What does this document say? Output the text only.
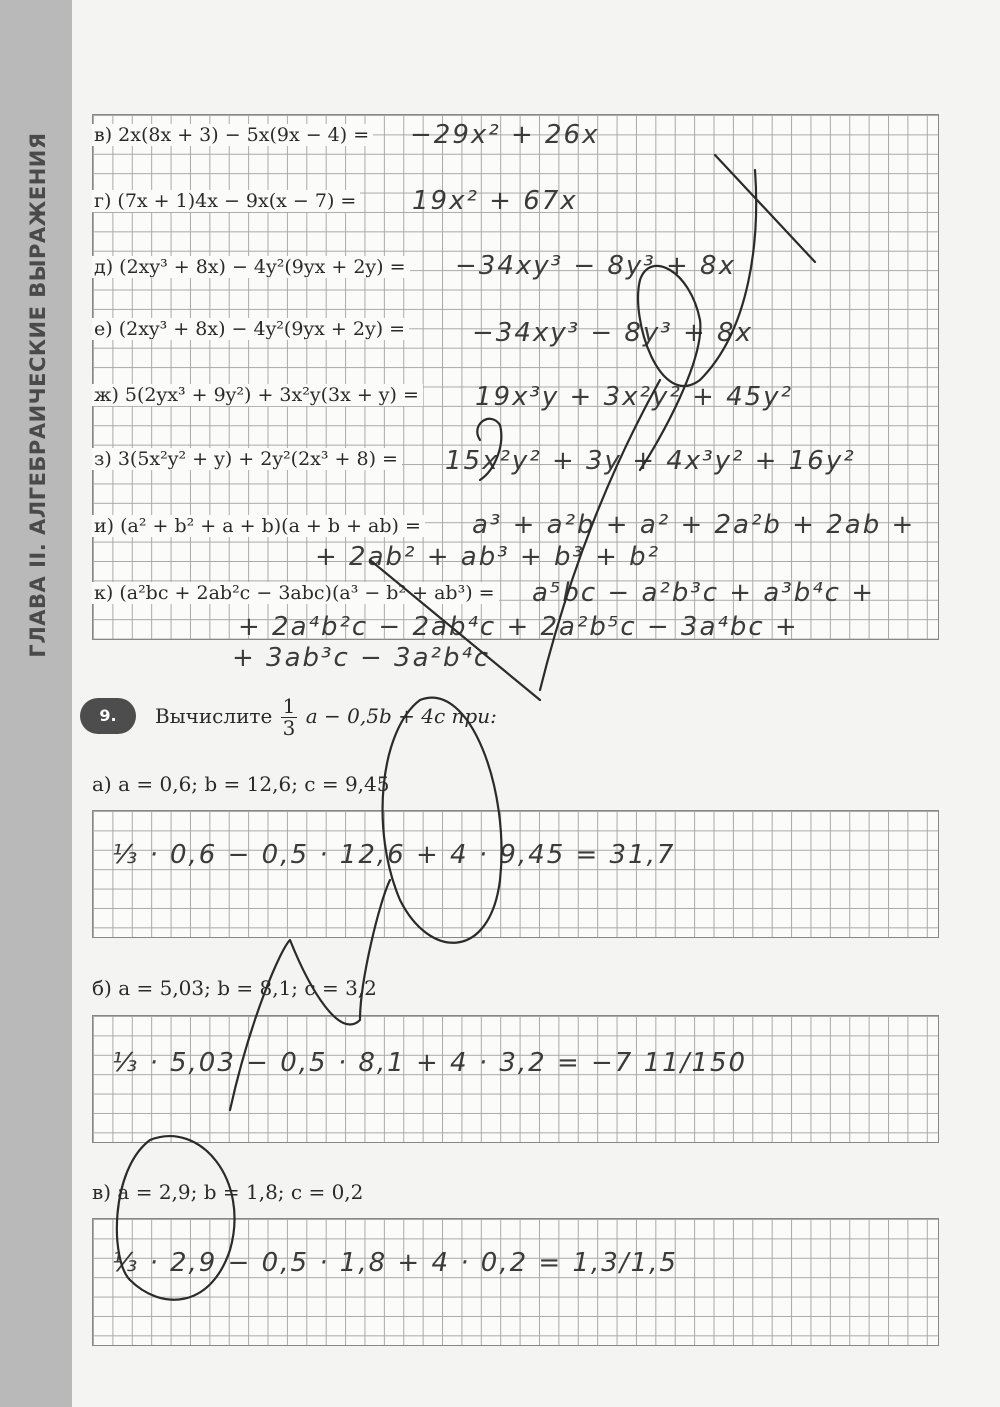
ГЛАВА II. АЛГЕБРАИЧЕСКИЕ ВЫРАЖЕНИЯ в) 2x(8x + 3) − 5x(9x − 4) = −29x² + 26x
г) (7x + 1)4x − 9x(x − 7) = 19x² + 67x
д) (2xy³ + 8x) − 4y²(9yx + 2y) = −34xy³ − 8y³ + 8x
е) (2xy³ + 8x) − 4y²(9yx + 2y) =	−34xy³ − 8y³ + 8x
ж) 5(2yx³ + 9y²) + 3x²y(3x + y) = 19x³y + 3x²y² + 45y²
з) 3(5x²y² + y) + 2y²(2x³ + 8) = 15x²y² + 3y + 4x³y² + 16y²
и) (a² + b² + a + b)(a + b + ab) = a³ + a²b + a² + 2a²b + 2ab +
+ 2ab² + ab³ + b³ + b²
к) (a²bc + 2ab²c − 3abc)(a³ − b² + ab³) = a⁵bc − a²b³c + a³b⁴c +
+ 2a⁴b²c − 2ab⁴c + 2a²b⁵c − 3a⁴bc +
+ 3ab³c − 3a²b⁴c
9.	Вычислите $\frac{1}{3}$ a − 0,5b + 4c при:
а) a = 0,6; b = 12,6; c = 9,45
⅓ · 0,6 − 0,5 · 12,6 + 4 · 9,45 = 31,7
б) a = 5,03; b = 8,1; c = 3,2
⅓ · 5,03 − 0,5 · 8,1 + 4 · 3,2 = −7 11/150
в) a = 2,9; b = 1,8; c = 0,2
⅓ · 2,9 − 0,5 · 1,8 + 4 · 0,2 = 1,3/1,5
